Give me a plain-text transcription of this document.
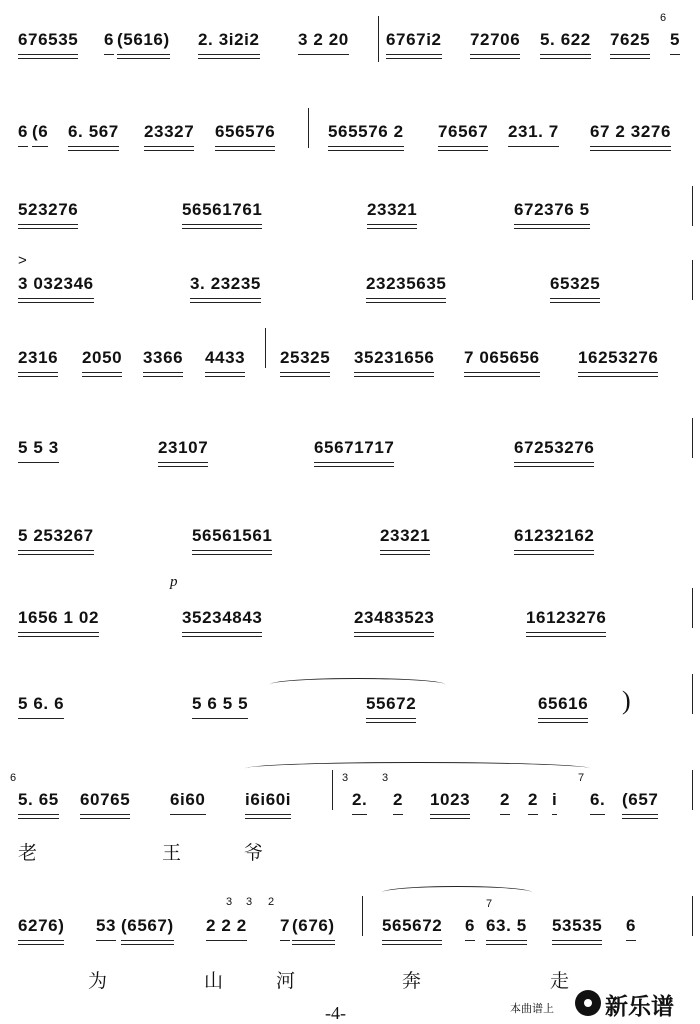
676535 6 (5616) 2. 3i2i2 3 2 20 6767i2 72706 5. 622 7625
6
5
6 (6 6. 567 23327 656576	565576 2 76567 231. 7 67 2 3276
523276	56561761	23321	672376 5
>
3 032346	3. 23235	23235635	65325
2316 2050 3366 4433 25325 35231656 7 065656 16253276
5 5 3	23107	65671717	67253276
5 253267	56561561	23321	61232162
p
1656 1 02	35234843	23483523	16123276
5 6. 6	5 6 5 5	55672	65616 )
6
5. 65 60765 6i60 i6i60i
3
2.
3
2 1023 2 2 i
7
6. (657
老	王	爷
6276) 53 (6567)
3 3 2
2 2 2 7 (676)	565672 6
7
63. 5 53535 6
为	山	河	奔	走
-4-	本曲谱上 新乐谱
